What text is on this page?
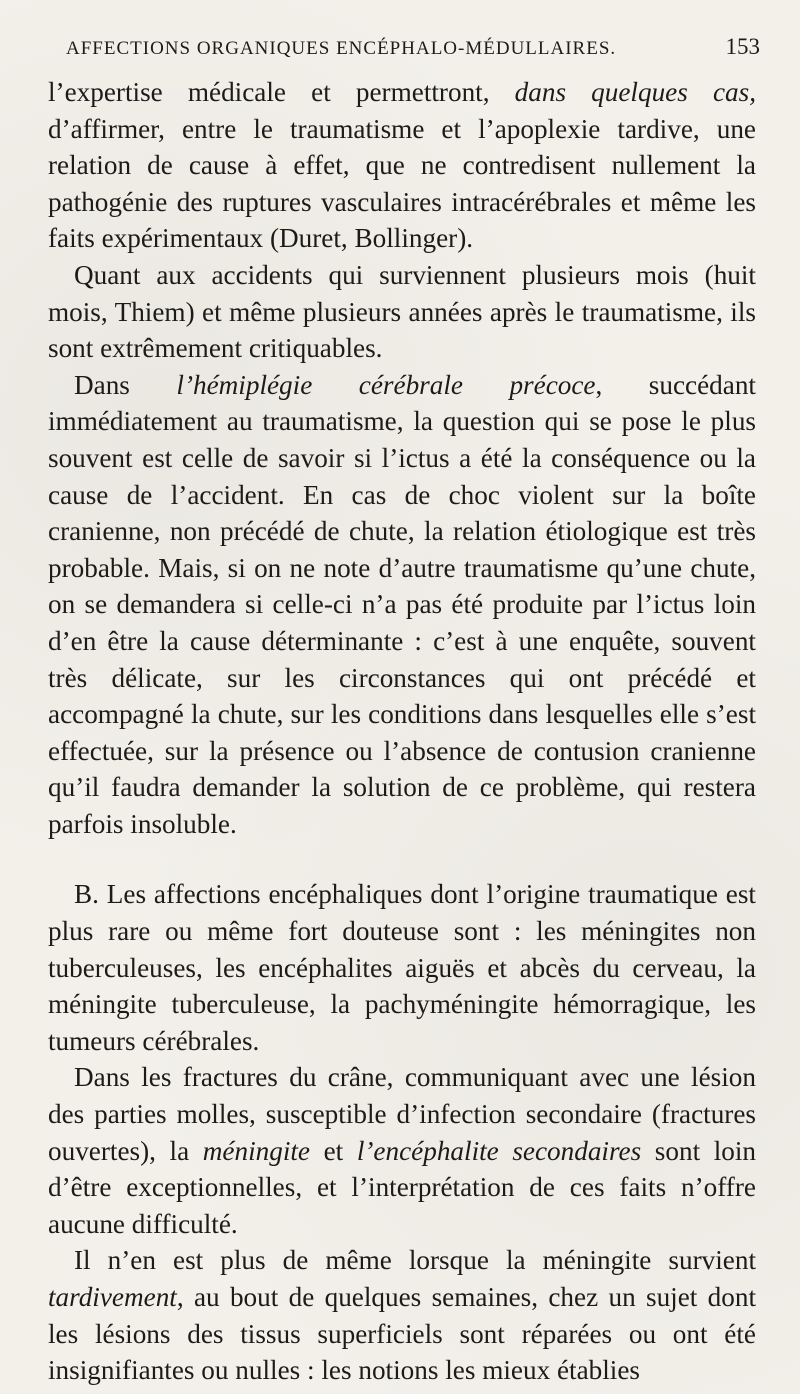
AFFECTIONS ORGANIQUES ENCÉPHALO-MÉDULLAIRES.	153

l’expertise médicale et permettront, dans quelques cas, d’affirmer, entre le traumatisme et l’apoplexie tardive, une relation de cause à effet, que ne contredisent nullement la pathogénie des ruptures vasculaires intracérébrales et même les faits expérimentaux (Duret, Bollinger).

Quant aux accidents qui surviennent plusieurs mois (huit mois, Thiem) et même plusieurs années après le traumatisme, ils sont extrêmement critiquables.

Dans l’hémiplégie cérébrale précoce, succédant immédiatement au traumatisme, la question qui se pose le plus souvent est celle de savoir si l’ictus a été la conséquence ou la cause de l’accident. En cas de choc violent sur la boîte cranienne, non précédé de chute, la relation étiologique est très probable. Mais, si on ne note d’autre traumatisme qu’une chute, on se demandera si celle-ci n’a pas été produite par l’ictus loin d’en être la cause déterminante : c’est à une enquête, souvent très délicate, sur les circonstances qui ont précédé et accompagné la chute, sur les conditions dans lesquelles elle s’est effectuée, sur la présence ou l’absence de contusion cranienne qu’il faudra demander la solution de ce problème, qui restera parfois insoluble.

B. Les affections encéphaliques dont l’origine traumatique est plus rare ou même fort douteuse sont : les méningites non tuberculeuses, les encéphalites aiguës et abcès du cerveau, la méningite tuberculeuse, la pachyméningite hémorragique, les tumeurs cérébrales.

Dans les fractures du crâne, communiquant avec une lésion des parties molles, susceptible d’infection secondaire (fractures ouvertes), la méningite et l’encéphalite secondaires sont loin d’être exceptionnelles, et l’interprétation de ces faits n’offre aucune difficulté.

Il n’en est plus de même lorsque la méningite survient tardivement, au bout de quelques semaines, chez un sujet dont les lésions des tissus superficiels sont réparées ou ont été insignifiantes ou nulles : les notions les mieux établies
